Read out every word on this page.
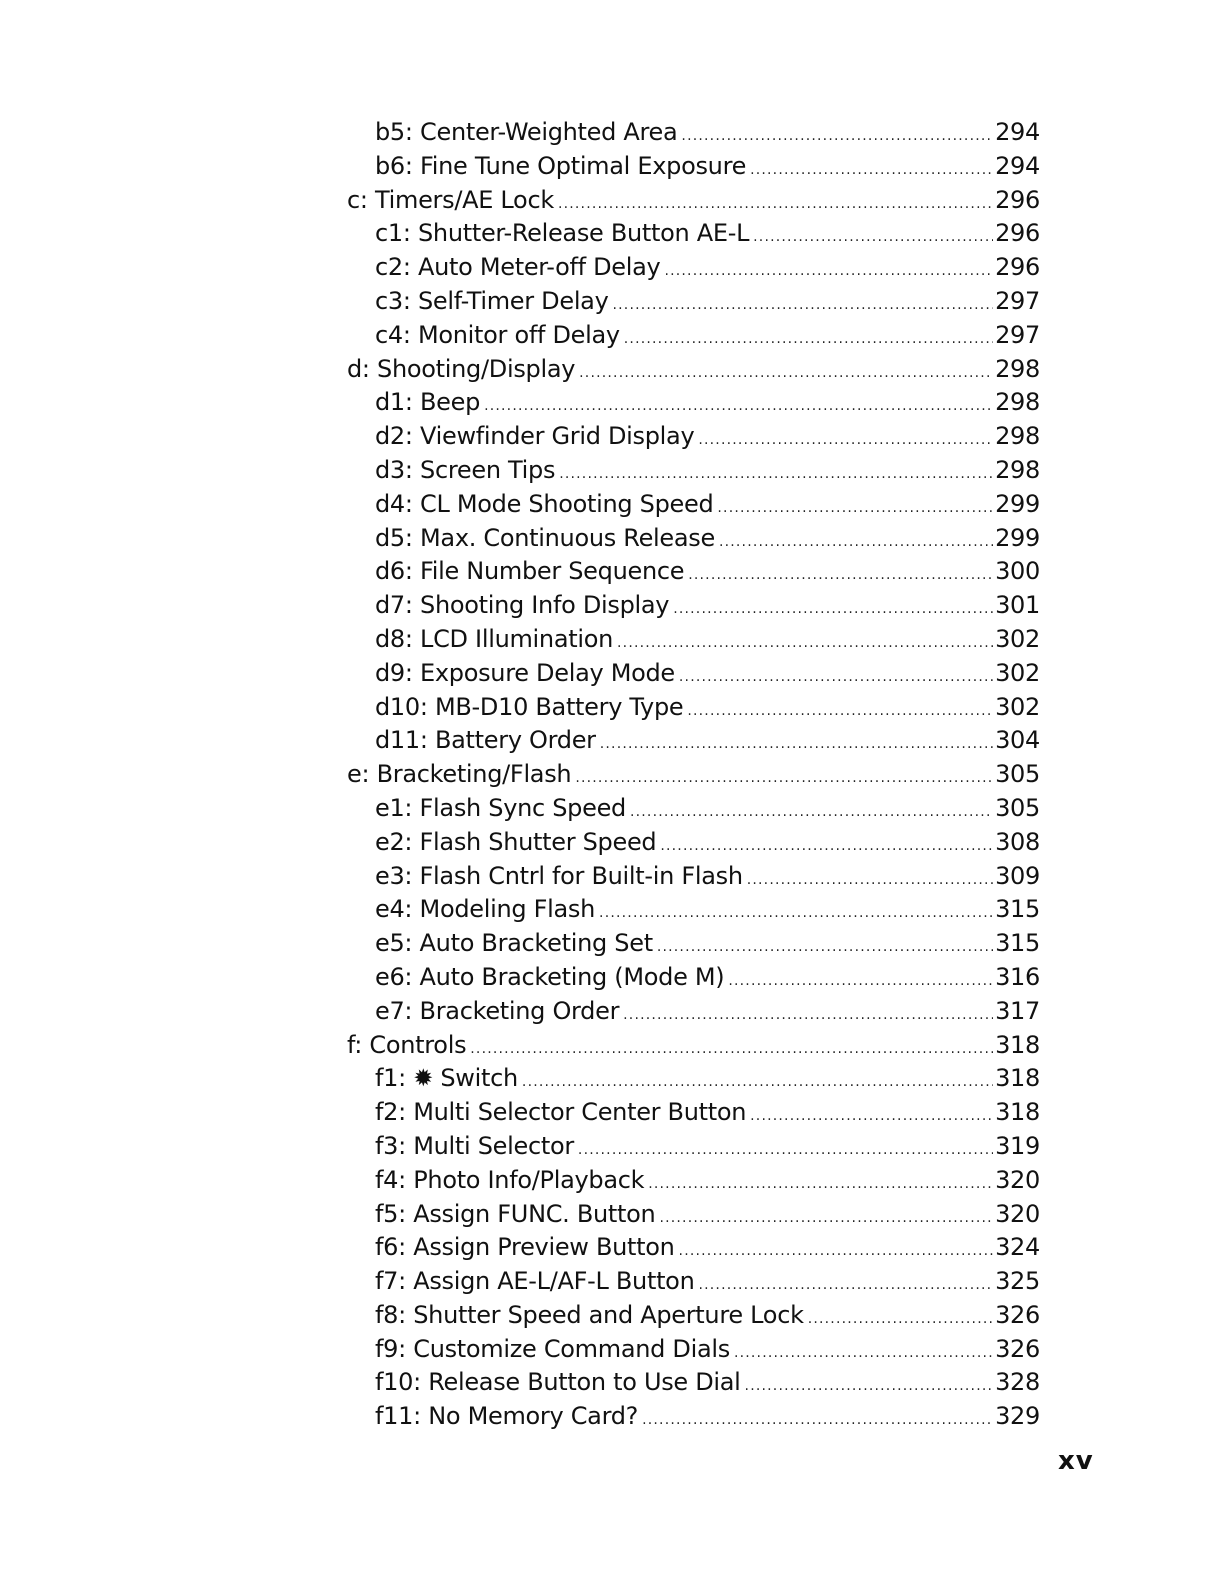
b5: Center-Weighted Area .....	294
b6: Fine Tune Optimal Exposure .....	294
c: Timers/AE Lock .....	296
c1: Shutter-Release Button AE-L .....	296
c2: Auto Meter-off Delay .....	296
c3: Self-Timer Delay .....	297
c4: Monitor off Delay .....	297
d: Shooting/Display .....	298
d1: Beep .....	298
d2: Viewfinder Grid Display .....	298
d3: Screen Tips .....	298
d4: CL Mode Shooting Speed .....	299
d5: Max. Continuous Release .....	299
d6: File Number Sequence .....	300
d7: Shooting Info Display .....	301
d8: LCD Illumination .....	302
d9: Exposure Delay Mode .....	302
d10: MB-D10 Battery Type .....	302
d11: Battery Order .....	304
e: Bracketing/Flash .....	305
e1: Flash Sync Speed .....	305
e2: Flash Shutter Speed .....	308
e3: Flash Cntrl for Built-in Flash .....	309
e4: Modeling Flash .....	315
e5: Auto Bracketing Set .....	315
e6: Auto Bracketing (Mode M) .....	316
e7: Bracketing Order .....	317
f: Controls .....	318
f1: ✹ Switch .....	318
f2: Multi Selector Center Button .....	318
f3: Multi Selector .....	319
f4: Photo Info/Playback .....	320
f5: Assign FUNC. Button .....	320
f6: Assign Preview Button .....	324
f7: Assign AE-L/AF-L Button .....	325
f8: Shutter Speed and Aperture Lock .....	326
f9: Customize Command Dials .....	326
f10: Release Button to Use Dial .....	328
f11: No Memory Card? .....	329
xv
